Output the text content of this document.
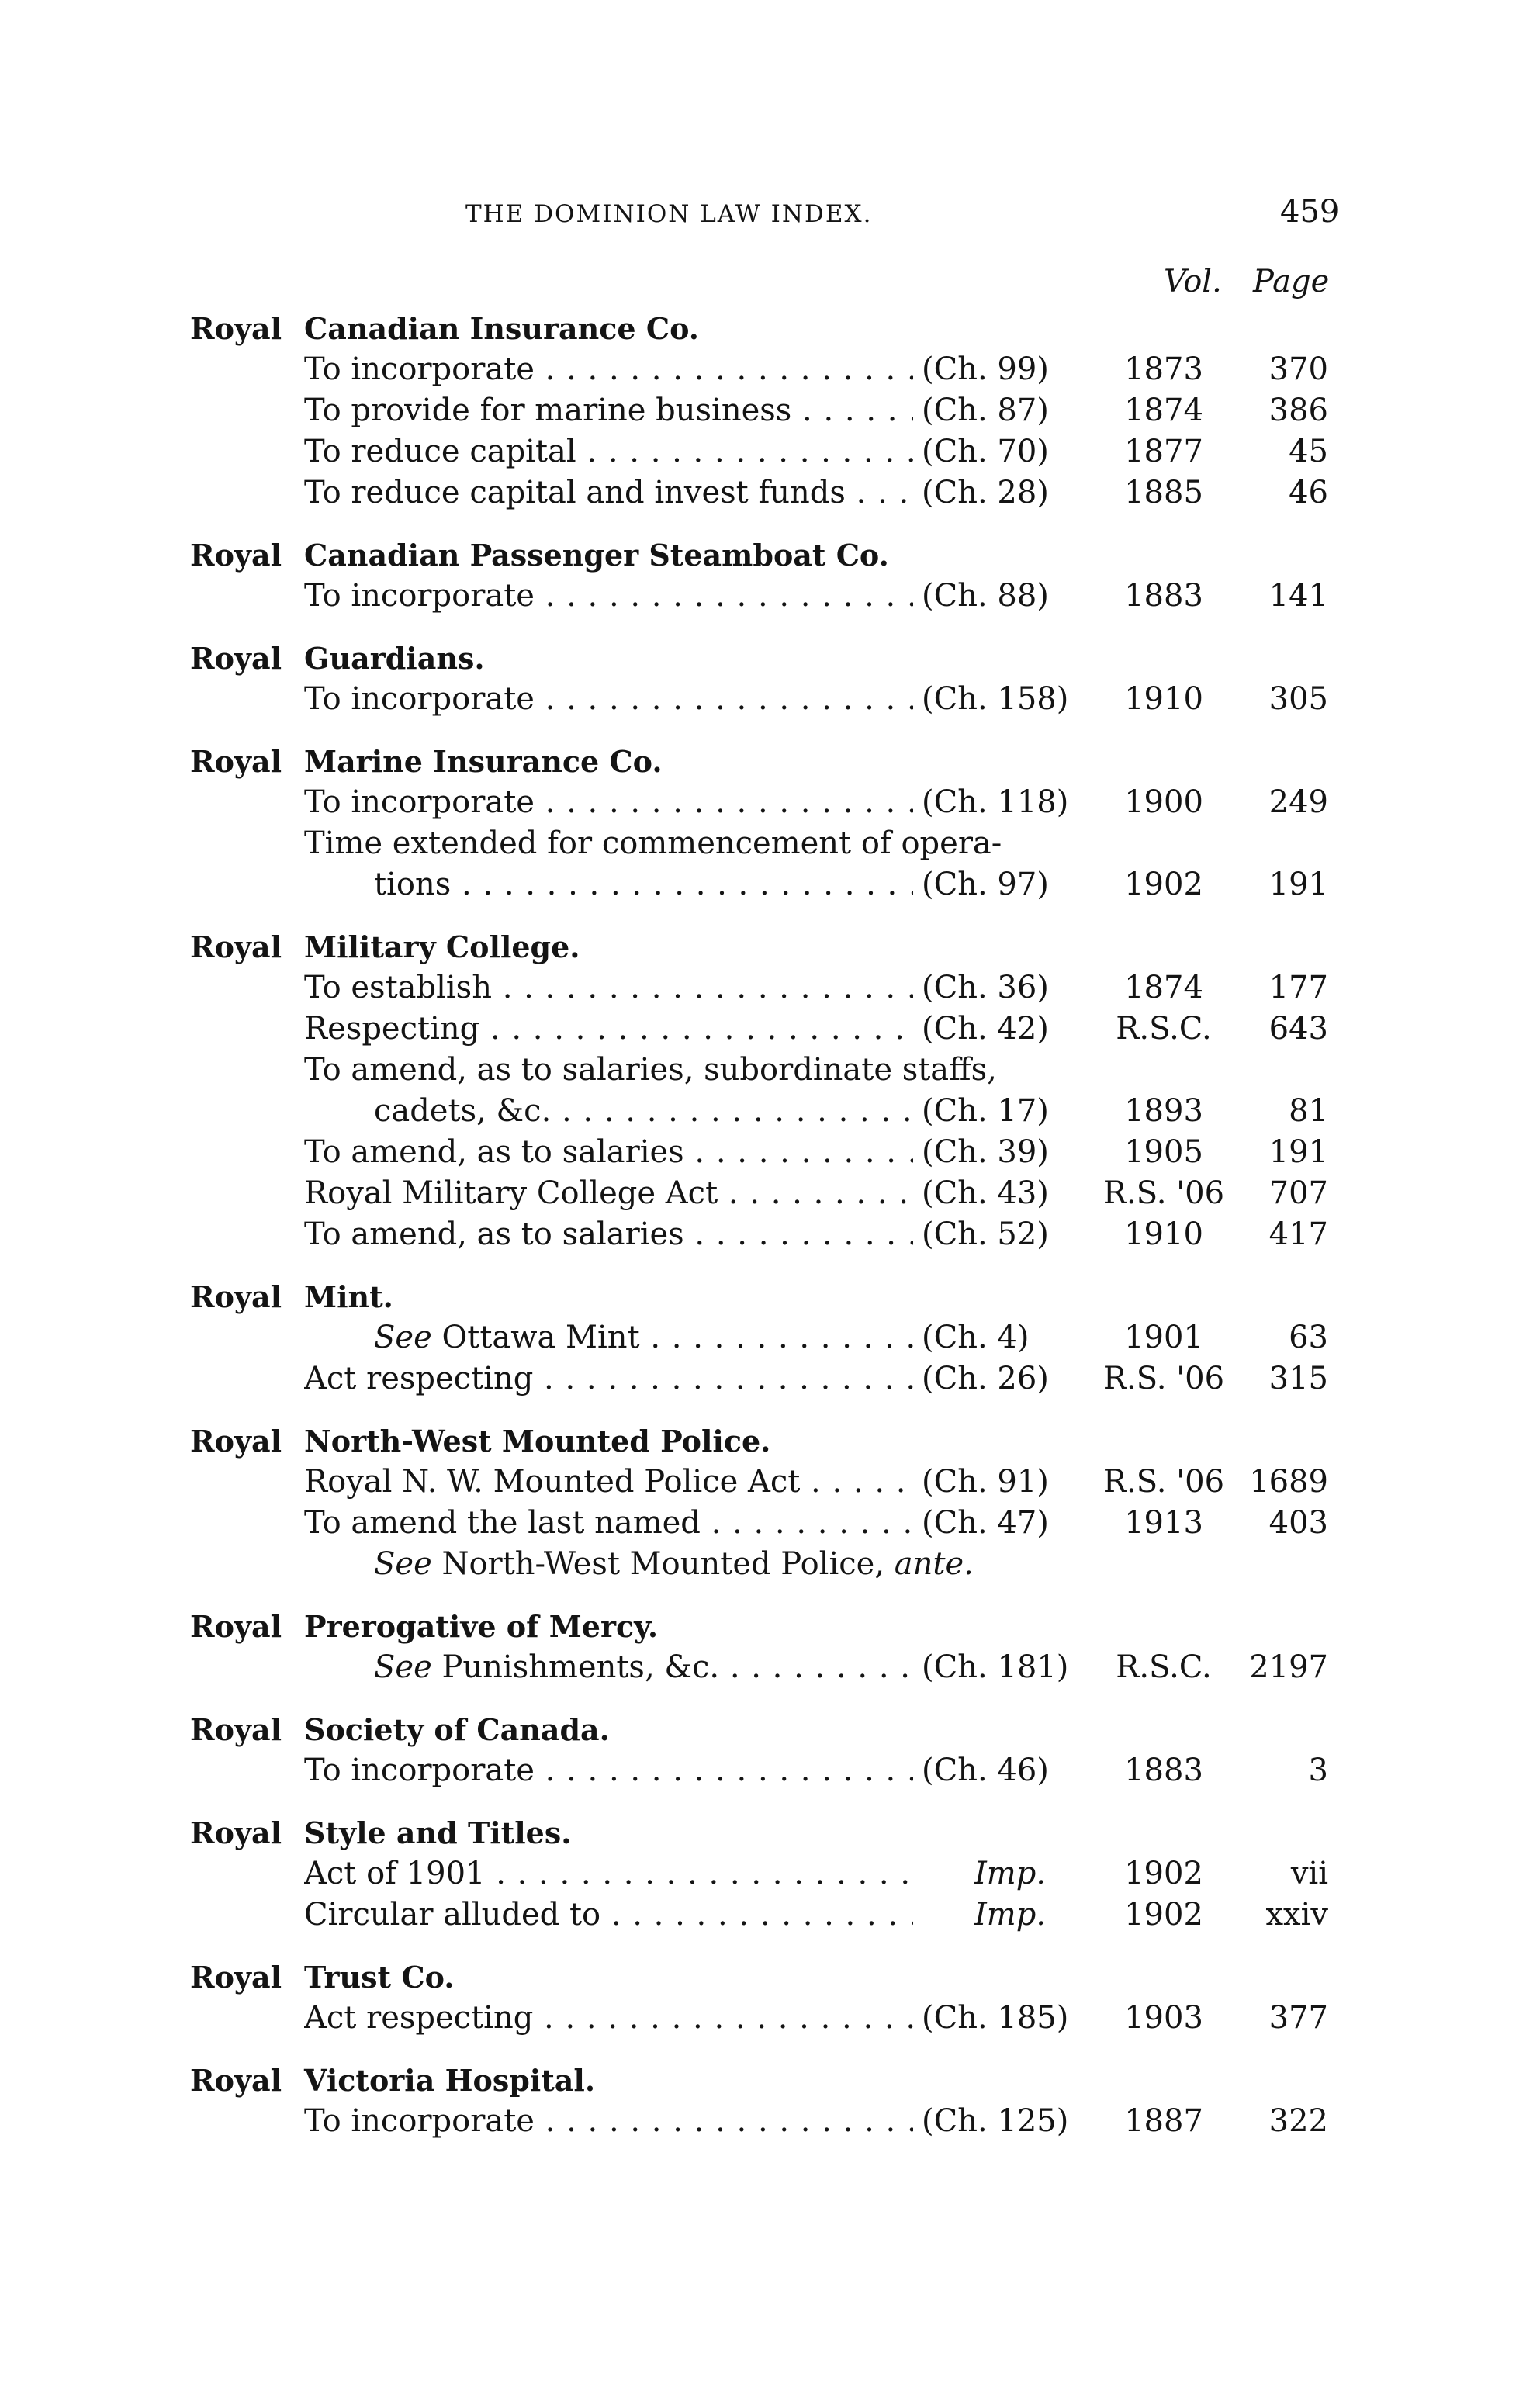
THE DOMINION LAW INDEX.	459
Vol. Page
Royal Canadian Insurance Co.
To incorporate . . .	(Ch. 99)	1873	370
To provide for marine business . . .	(Ch. 87)	1874	386
To reduce capital . . .	(Ch. 70)	1877	45
To reduce capital and invest funds . . .	(Ch. 28)	1885	46
Royal Canadian Passenger Steamboat Co.
To incorporate . . .	(Ch. 88)	1883	141
Royal Guardians.
To incorporate . . .	(Ch. 158)	1910	305
Royal Marine Insurance Co.
To incorporate . . .	(Ch. 118)	1900	249
Time extended for commencement of opera-
tions . . .	(Ch. 97)	1902	191
Royal Military College.
To establish . . .	(Ch. 36)	1874	177
Respecting . . .	(Ch. 42)	R.S.C.	643
To amend, as to salaries, subordinate staffs,
cadets, &c. . . .	(Ch. 17)	1893	81
To amend, as to salaries . . .	(Ch. 39)	1905	191
Royal Military College Act . . .	(Ch. 43)	R.S. '06	707
To amend, as to salaries . . .	(Ch. 52)	1910	417
Royal Mint.
See Ottawa Mint . . .	(Ch. 4)	1901	63
Act respecting . . .	(Ch. 26)	R.S. '06	315
Royal North-West Mounted Police.
Royal N. W. Mounted Police Act . . .	(Ch. 91)	R.S. '06 1689
To amend the last named . . .	(Ch. 47)	1913	403
See North-West Mounted Police, ante.
Royal Prerogative of Mercy.
See Punishments, &c. . . .	(Ch. 181)	R.S.C.	2197
Royal Society of Canada.
To incorporate . . .	(Ch. 46)	1883	3
Royal Style and Titles.
Act of 1901 . . .	Imp.	1902	vii
Circular alluded to . . .	Imp.	1902	xxiv
Royal Trust Co.
Act respecting . . .	(Ch. 185)	1903	377
Royal Victoria Hospital.
To incorporate . . .	(Ch. 125)	1887	322
